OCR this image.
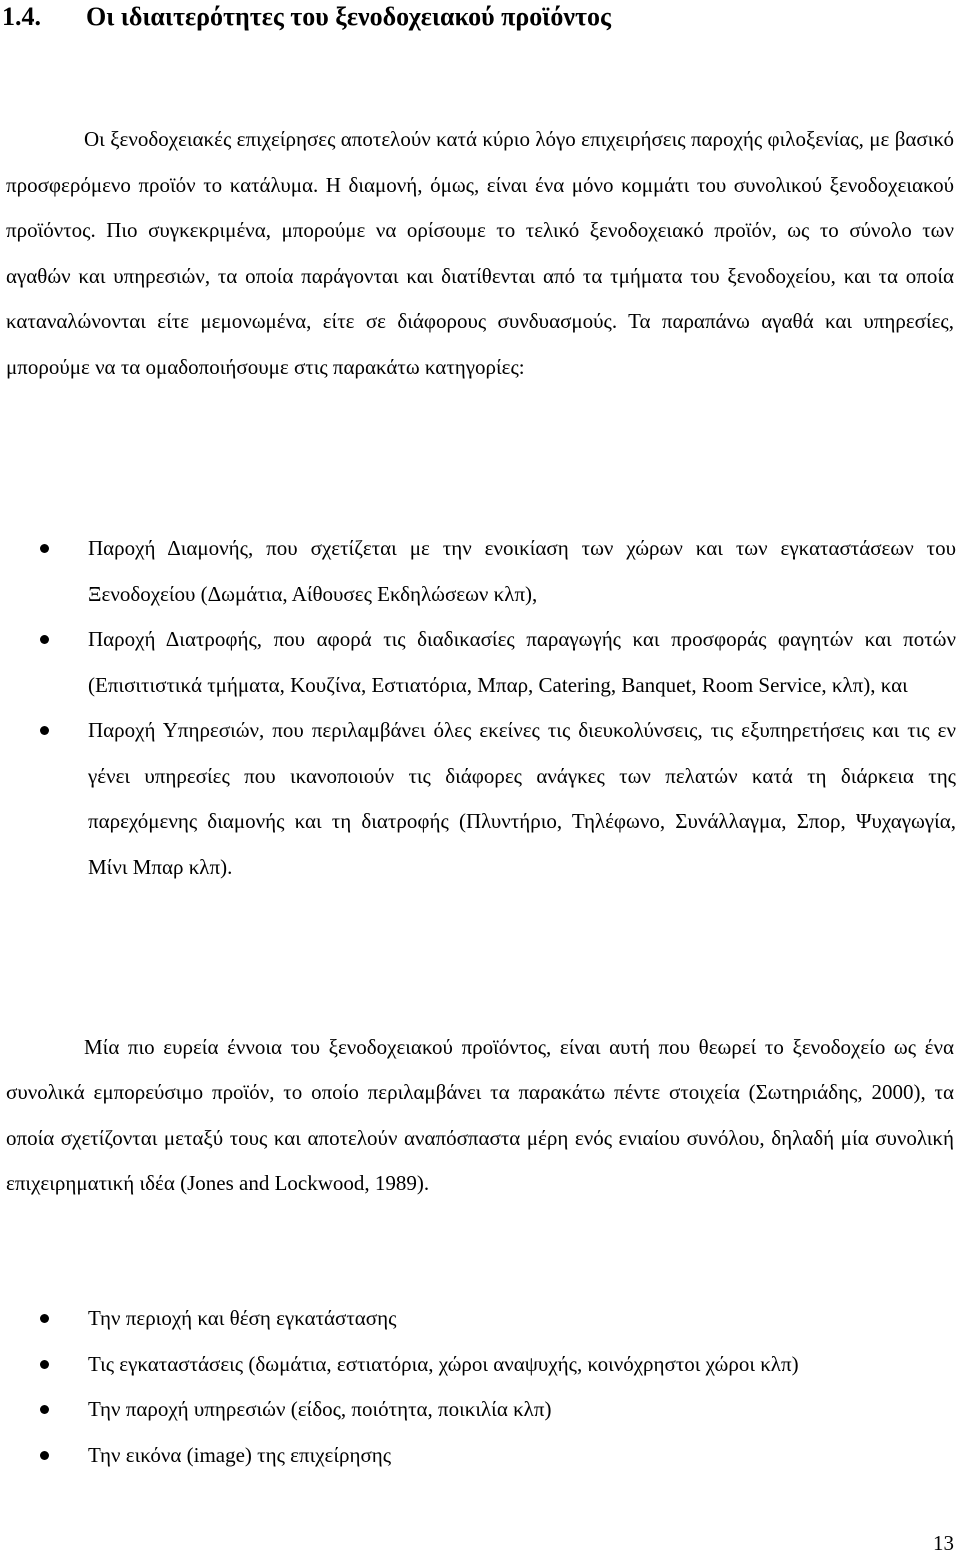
1.4. Οι ιδιαιτερότητες του ξενοδοχειακού προϊόντος

Οι ξενοδοχειακές επιχείρησες αποτελούν κατά κύριο λόγο επιχειρήσεις παροχής φιλοξενίας, με βασικό προσφερόμενο προϊόν το κατάλυμα. Η διαμονή, όμως, είναι ένα μόνο κομμάτι του συνολικού ξενοδοχειακού προϊόντος. Πιο συγκεκριμένα, μπορούμε να ορίσουμε το τελικό ξενοδοχειακό προϊόν, ως το σύνολο των αγαθών και υπηρεσιών, τα οποία παράγονται και διατίθενται από τα τμήματα του ξενοδοχείου, και τα οποία καταναλώνονται είτε μεμονωμένα, είτε σε διάφορους συνδυασμούς. Τα παραπάνω αγαθά και υπηρεσίες, μπορούμε να τα ομαδοποιήσουμε στις παρακάτω κατηγορίες:

Παροχή Διαμονής, που σχετίζεται με την ενοικίαση των χώρων και των εγκαταστάσεων του Ξενοδοχείου (Δωμάτια, Αίθουσες Εκδηλώσεων κλπ),
Παροχή Διατροφής, που αφορά τις διαδικασίες παραγωγής και προσφοράς φαγητών και ποτών (Επισιτιστικά τμήματα, Κουζίνα, Εστιατόρια, Μπαρ, Catering, Banquet, Room Service, κλπ), και
Παροχή Υπηρεσιών, που περιλαμβάνει όλες εκείνες τις διευκολύνσεις, τις εξυπηρετήσεις και τις εν γένει υπηρεσίες που ικανοποιούν τις διάφορες ανάγκες των πελατών κατά τη διάρκεια της παρεχόμενης διαμονής και τη διατροφής (Πλυντήριο, Τηλέφωνο, Συνάλλαγμα, Σπορ, Ψυχαγωγία, Μίνι Μπαρ κλπ).

Μία πιο ευρεία έννοια του ξενοδοχειακού προϊόντος, είναι αυτή που θεωρεί το ξενοδοχείο ως ένα συνολικά εμπορεύσιμο προϊόν, το οποίο περιλαμβάνει τα παρακάτω πέντε στοιχεία (Σωτηριάδης, 2000), τα οποία σχετίζονται μεταξύ τους και αποτελούν αναπόσπαστα μέρη ενός ενιαίου συνόλου, δηλαδή μία συνολική επιχειρηματική ιδέα (Jones and Lockwood, 1989).

Την περιοχή και θέση εγκατάστασης
Τις εγκαταστάσεις (δωμάτια, εστιατόρια, χώροι αναψυχής, κοινόχρηστοι χώροι κλπ)
Την παροχή υπηρεσιών (είδος, ποιότητα, ποικιλία κλπ)
Την εικόνα (image) της επιχείρησης
13
